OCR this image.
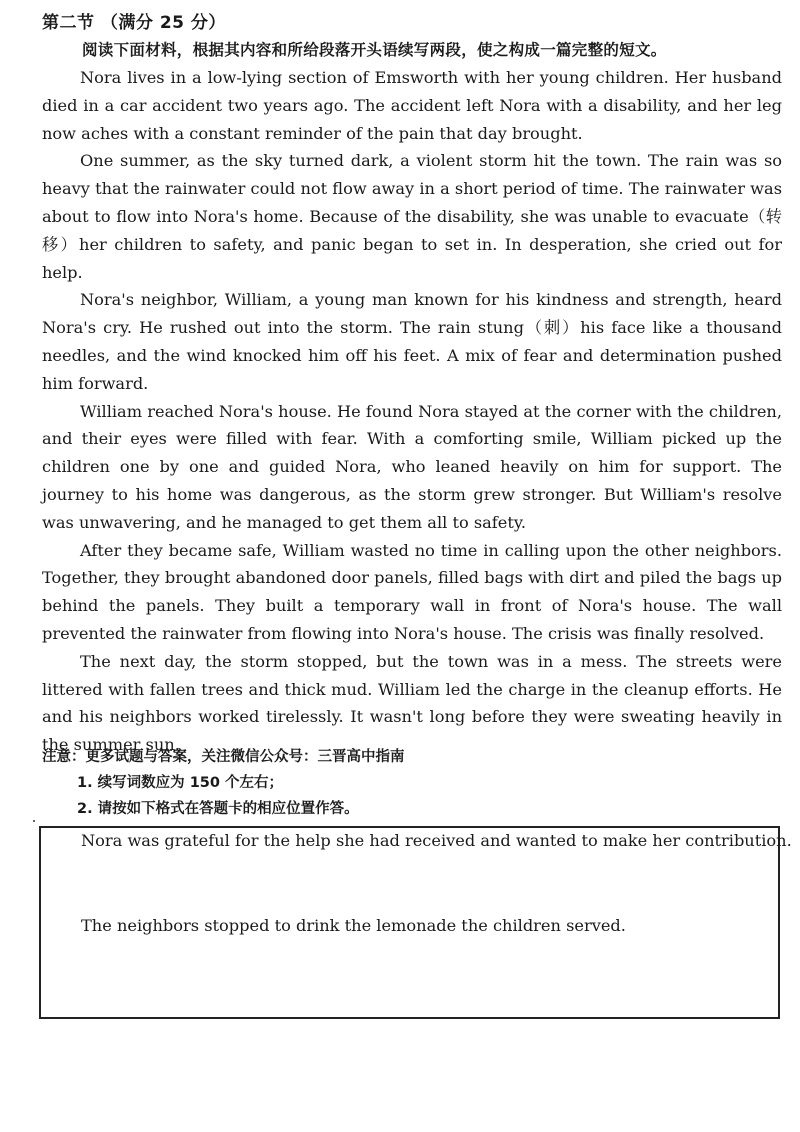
第二节 （满分 25 分）
阅读下面材料，根据其内容和所给段落开头语续写两段，使之构成一篇完整的短文。

Nora lives in a low-lying section of Emsworth with her young children. Her husband died in a car accident two years ago. The accident left Nora with a disability, and her leg now aches with a constant reminder of the pain that day brought.

One summer, as the sky turned dark, a violent storm hit the town. The rain was so heavy that the rainwater could not flow away in a short period of time. The rainwater was about to flow into Nora's home. Because of the disability, she was unable to evacuate（转移）her children to safety, and panic began to set in. In desperation, she cried out for help.

Nora's neighbor, William, a young man known for his kindness and strength, heard Nora's cry. He rushed out into the storm. The rain stung（刺）his face like a thousand needles, and the wind knocked him off his feet. A mix of fear and determination pushed him forward.

William reached Nora's house. He found Nora stayed at the corner with the children, and their eyes were filled with fear. With a comforting smile, William picked up the children one by one and guided Nora, who leaned heavily on him for support. The journey to his home was dangerous, as the storm grew stronger. But William's resolve was unwavering, and he managed to get them all to safety.

After they became safe, William wasted no time in calling upon the other neighbors. Together, they brought abandoned door panels, filled bags with dirt and piled the bags up behind the panels. They built a temporary wall in front of Nora's house. The wall prevented the rainwater from flowing into Nora's house. The crisis was finally resolved.

The next day, the storm stopped, but the town was in a mess. The streets were littered with fallen trees and thick mud. William led the charge in the cleanup efforts. He and his neighbors worked tirelessly. It wasn't long before they were sweating heavily in the summer sun.

注意：更多试题与答案，关注微信公众号：三晋高中指南
1. 续写词数应为 150 个左右；
2. 请按如下格式在答题卡的相应位置作答。
Nora was grateful for the help she had received and wanted to make her contribution.
The neighbors stopped to drink the lemonade the children served.
